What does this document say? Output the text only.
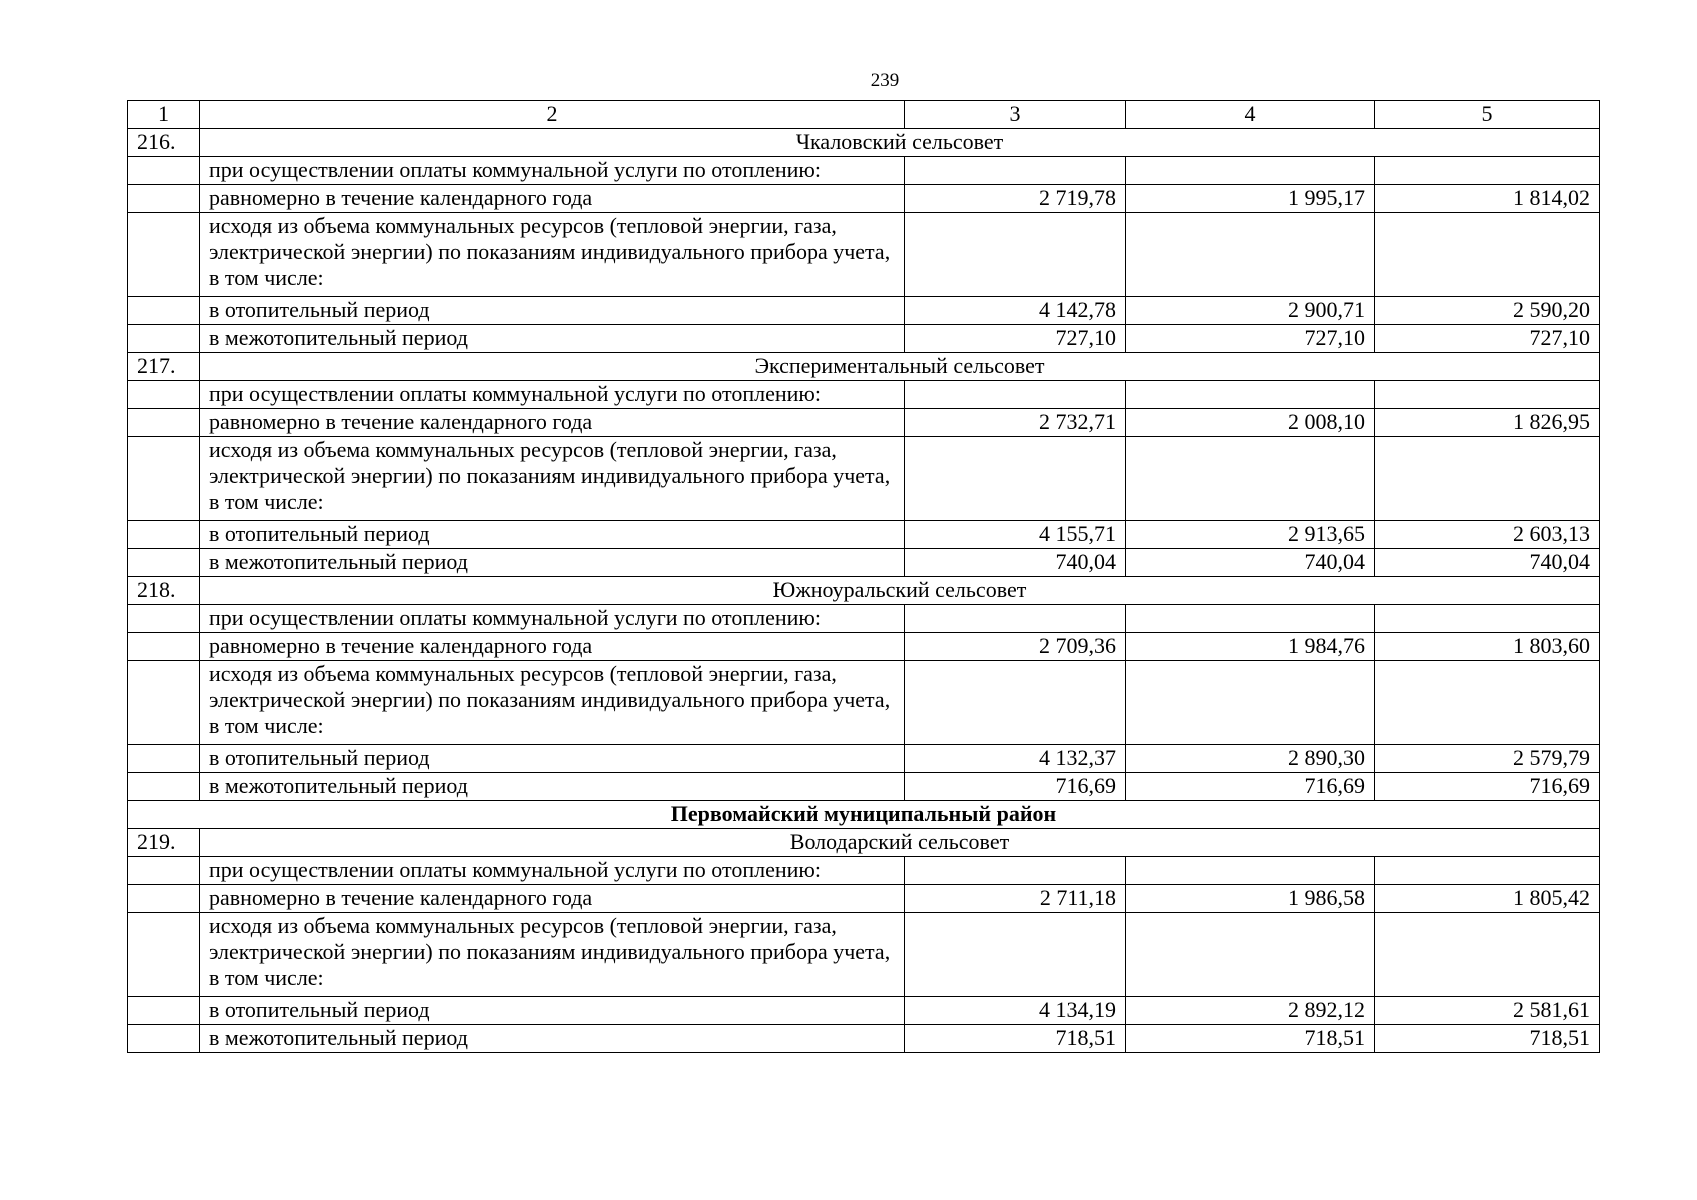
239
1	2	3	4	5
216.	Чкаловский сельсовет			
	при осуществлении оплаты коммунальной услуги по отоплению:			
	равномерно в течение календарного года	2 719,78	1 995,17	1 814,02
	исходя из объема коммунальных ресурсов (тепловой энергии, газа, электрической энергии) по показаниям индивидуального прибора учета, в том числе:			
	в отопительный период	4 142,78	2 900,71	2 590,20
	в межотопительный период	727,10	727,10	727,10
217.	Экспериментальный сельсовет			
	при осуществлении оплаты коммунальной услуги по отоплению:			
	равномерно в течение календарного года	2 732,71	2 008,10	1 826,95
	исходя из объема коммунальных ресурсов (тепловой энергии, газа, электрической энергии) по показаниям индивидуального прибора учета, в том числе:			
	в отопительный период	4 155,71	2 913,65	2 603,13
	в межотопительный период	740,04	740,04	740,04
218.	Южноуральский сельсовет			
	при осуществлении оплаты коммунальной услуги по отоплению:			
	равномерно в течение календарного года	2 709,36	1 984,76	1 803,60
	исходя из объема коммунальных ресурсов (тепловой энергии, газа, электрической энергии) по показаниям индивидуального прибора учета, в том числе:			
	в отопительный период	4 132,37	2 890,30	2 579,79
	в межотопительный период	716,69	716,69	716,69
Первомайский муниципальный район				
219.	Володарский сельсовет			
	при осуществлении оплаты коммунальной услуги по отоплению:			
	равномерно в течение календарного года	2 711,18	1 986,58	1 805,42
	исходя из объема коммунальных ресурсов (тепловой энергии, газа, электрической энергии) по показаниям индивидуального прибора учета, в том числе:			
	в отопительный период	4 134,19	2 892,12	2 581,61
	в межотопительный период	718,51	718,51	718,51
